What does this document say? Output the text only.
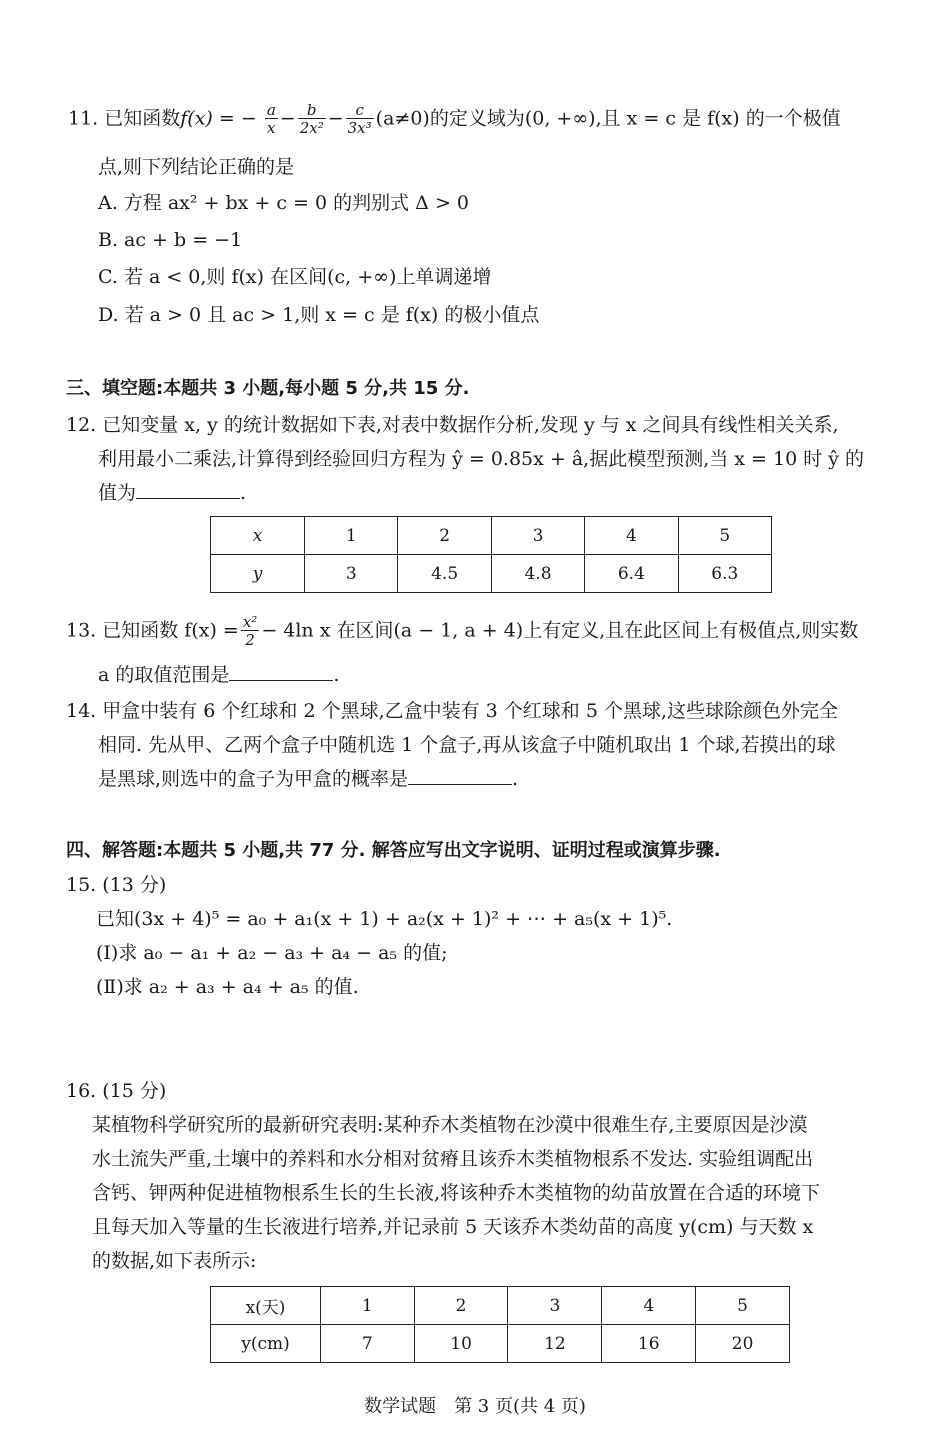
11. 已知函数f(x) = − $\frac{a}{x} - \frac{b}{\text{2x²}} - \frac{c}{\text{3x³}} (a\ne 0)$的定义域为(0, +∞),且 x = c 是 f(x) 的一个极值
点,则下列结论正确的是
A. 方程 ax² + bx + c = 0 的判别式 Δ > 0
B. ac + b = −1
C. 若 a < 0,则 f(x) 在区间(c, +∞)上单调递增
D. 若 a > 0 且 ac > 1,则 x = c 是 f(x) 的极小值点
三、填空题:本题共 3 小题,每小题 5 分,共 15 分.
12. 已知变量 x, y 的统计数据如下表,对表中数据作分析,发现 y 与 x 之间具有线性相关关系,
利用最小二乘法,计算得到经验回归方程为 ŷ = 0.85x + â,据此模型预测,当 x = 10 时 ŷ 的
值为	.
x	1	2	3	4	5
y	3	4.5	4.8	6.4	6.3
13. 已知函数 $f(x) = \frac{\text{x²}}{2} - 4\ln$ x 在区间(a − 1, a + 4)上有定义,且在此区间上有极值点,则实数
a 的取值范围是	.
14. 甲盒中装有 6 个红球和 2 个黑球,乙盒中装有 3 个红球和 5 个黑球,这些球除颜色外完全
相同. 先从甲、乙两个盒子中随机选 1 个盒子,再从该盒子中随机取出 1 个球,若摸出的球
是黑球,则选中的盒子为甲盒的概率是	.
四、解答题:本题共 5 小题,共 77 分. 解答应写出文字说明、证明过程或演算步骤.
15. (13 分)
已知(3x + 4)⁵ = a₀ + a₁(x + 1) + a₂(x + 1)² + ⋯ + a₅(x + 1)⁵.
(Ⅰ)求 a₀ − a₁ + a₂ − a₃ + a₄ − a₅ 的值;
(Ⅱ)求 a₂ + a₃ + a₄ + a₅ 的值.
16. (15 分)
某植物科学研究所的最新研究表明:某种乔木类植物在沙漠中很难生存,主要原因是沙漠
水土流失严重,土壤中的养料和水分相对贫瘠且该乔木类植物根系不发达. 实验组调配出
含钙、钾两种促进植物根系生长的生长液,将该种乔木类植物的幼苗放置在合适的环境下
且每天加入等量的生长液进行培养,并记录前 5 天该乔木类幼苗的高度 y(cm) 与天数 x
的数据,如下表所示:
x(天)	1	2	3	4	5
y(cm)	7	10	12	16	20
数学试题　第 3 页(共 4 页)
